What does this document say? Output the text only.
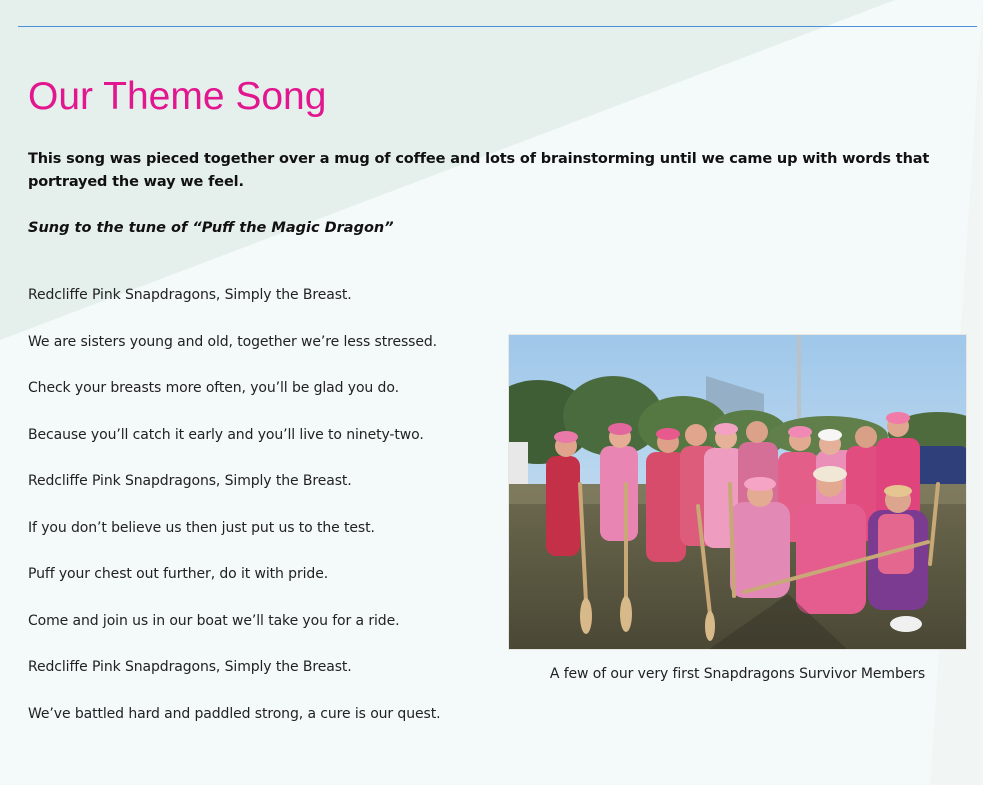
Our Theme Song

This song was pieced together over a mug of coffee and lots of brainstorming until we came up with words that portrayed the way we feel.

Sung to the tune of “Puff the Magic Dragon”

Redcliffe Pink Snapdragons, Simply the Breast.
We are sisters young and old, together we’re less stressed.
Check your breasts more often, you’ll be glad you do.
Because you’ll catch it early and you’ll live to ninety-two.
Redcliffe Pink Snapdragons, Simply the Breast.
If you don’t believe us then just put us to the test.
Puff your chest out further, do it with pride.
Come and join us in our boat we’ll take you for a ride.
Redcliffe Pink Snapdragons, Simply the Breast.
We’ve battled hard and paddled strong, a cure is our quest.

A few of our very first Snapdragons Survivor Members
